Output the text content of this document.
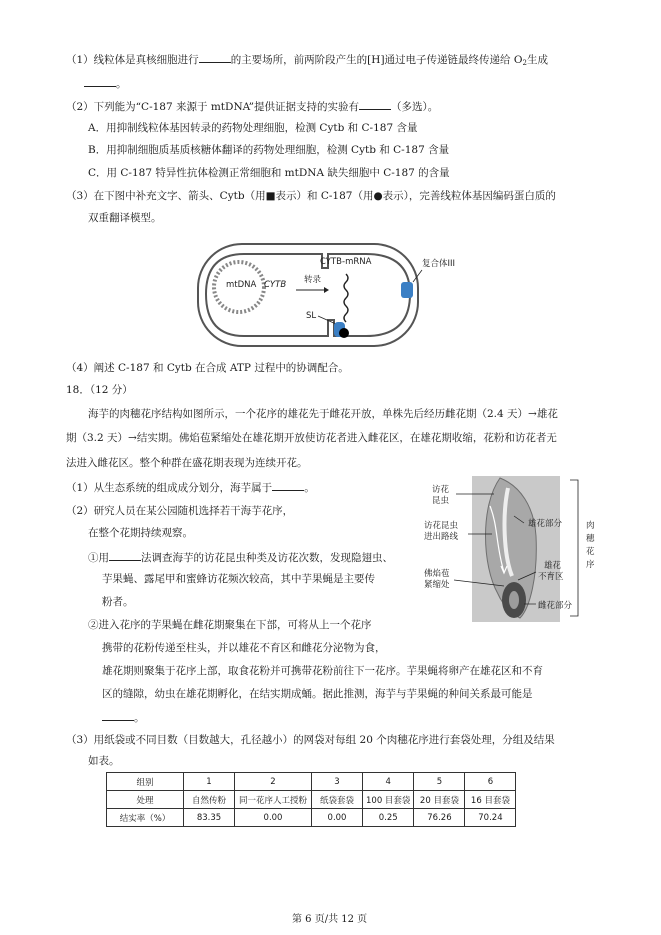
（1）线粒体是真核细胞进行	的主要场所，前两阶段产生的[H]通过电子传递链最终传递给 $O_2$生成
。
（2）下列能为“C-187 来源于 mtDNA”提供证据支持的实验有	（多选）。
A．用抑制线粒体基因转录的药物处理细胞，检测 Cytb 和 C-187 含量
B．用抑制细胞质基质核糖体翻译的药物处理细胞，检测 Cytb 和 C-187 含量
C．用 C-187 特异性抗体检测正常细胞和 mtDNA 缺失细胞中 C-187 的含量
（3）在下图中补充文字、箭头、Cytb（用■表示）和 C-187（用●表示），完善线粒体基因编码蛋白质的
双重翻译模型。
mtDNA CYTB 转录
CYTB-mRNA
SL
复合体III
（4）阐述 C-187 和 Cytb 在合成 ATP 过程中的协调配合。
18．（12 分）
海芋的肉穗花序结构如图所示，一个花序的雄花先于雌花开放，单株先后经历雌花期（2.4 天）→雄花
期（3.2 天）→结实期。佛焰苞紧缩处在雄花期开放使访花者进入雌花区，在雄花期收缩，花粉和访花者无
法进入雌花区。整个种群在盛花期表现为连续开花。
（1）从生态系统的组成成分划分，海芋属于	。
（2）研究人员在某公园随机选择若干海芋花序，
在整个花期持续观察。
①用	法调查海芋的访花昆虫种类及访花次数，发现隐翅虫、
芋果蝇、露尾甲和蜜蜂访花频次较高，其中芋果蝇是主要传
粉者。
②进入花序的芋果蝇在雌花期聚集在下部，可将从上一个花序
携带的花粉传递至柱头，并以雄花不育区和雌花分泌物为食，
雄花期则聚集于花序上部，取食花粉并可携带花粉前往下一花序。芋果蝇将卵产在雄花区和不育
区的缝隙，幼虫在雄花期孵化，在结实期成蛹。据此推测，海芋与芋果蝇的种间关系最可能是
。
访花昆虫
访花昆虫进出路线
佛焰苞紧缩处
雄花部分
雄花不育区
雌花部分
肉穗花序
（3）用纸袋或不同目数（目数越大，孔径越小）的网袋对每组 20 个肉穗花序进行套袋处理，分组及结果
如表。
组别	1	2	3	4	5	6
处理	自然传粉	同一花序人工授粉	纸袋套袋	100 目套袋	20 目套袋	16 目套袋
结实率（%）	83.35	0.00	0.00	0.25	76.26	70.24
第 6 页/共 12 页
